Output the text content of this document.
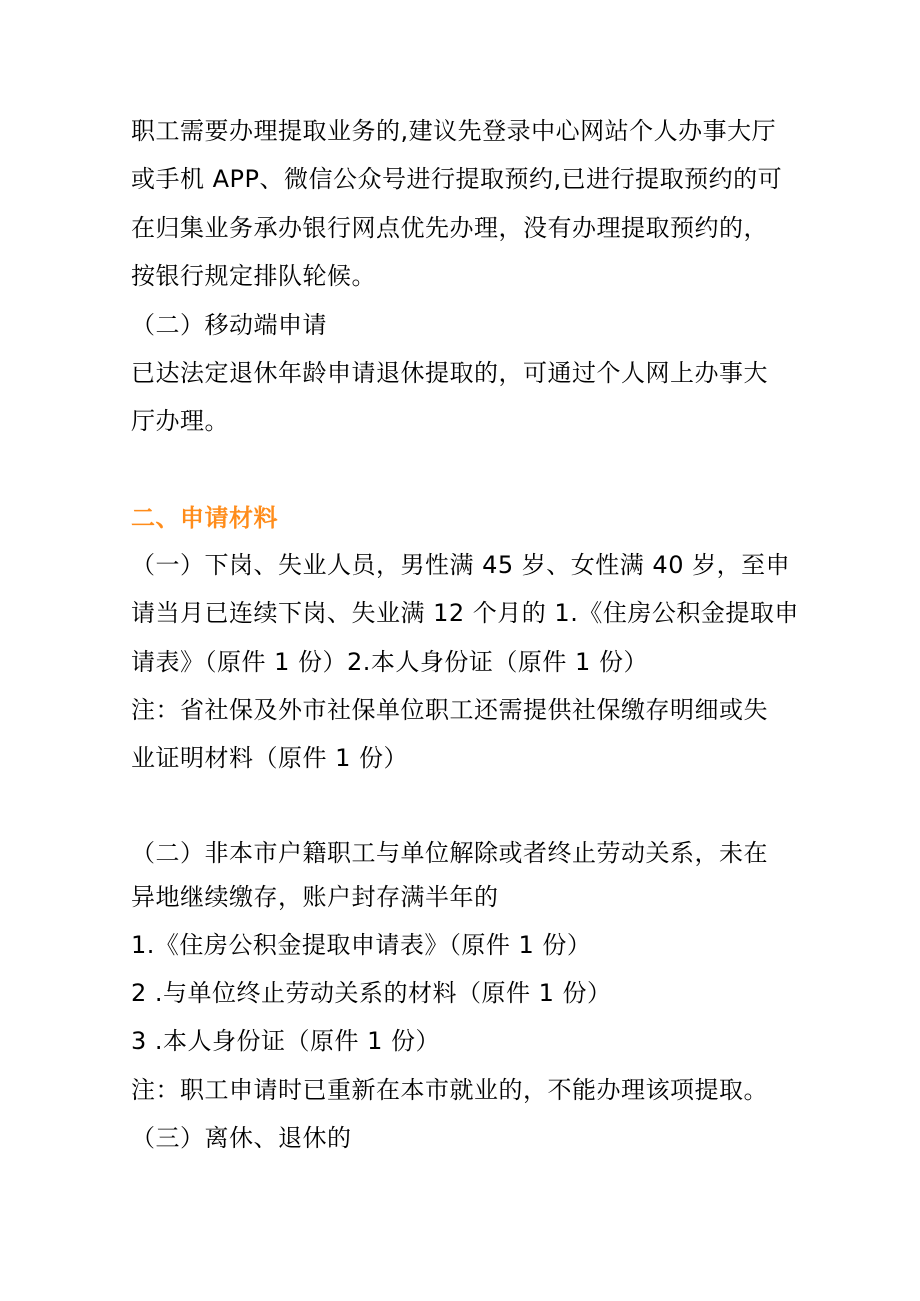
职工需要办理提取业务的,建议先登录中心网站个人办事大厅
或手机 APP、微信公众号进行提取预约,已进行提取预约的可
在归集业务承办银行网点优先办理，没有办理提取预约的，
按银行规定排队轮候。
（二）移动端申请
已达法定退休年龄申请退休提取的，可通过个人网上办事大
厅办理。
二、申请材料
（一）下岗、失业人员，男性满 45 岁、女性满 40 岁，至申
请当月已连续下岗、失业满 12 个月的 1.《住房公积金提取申
请表》（原件 1 份）2.本人身份证（原件 1 份）
注：省社保及外市社保单位职工还需提供社保缴存明细或失
业证明材料（原件 1 份）
（二）非本市户籍职工与单位解除或者终止劳动关系，未在
异地继续缴存，账户封存满半年的
1.《住房公积金提取申请表》（原件 1 份）
2 .与单位终止劳动关系的材料（原件 1 份）
3 .本人身份证（原件 1 份）
注：职工申请时已重新在本市就业的，不能办理该项提取。
（三）离休、退休的
